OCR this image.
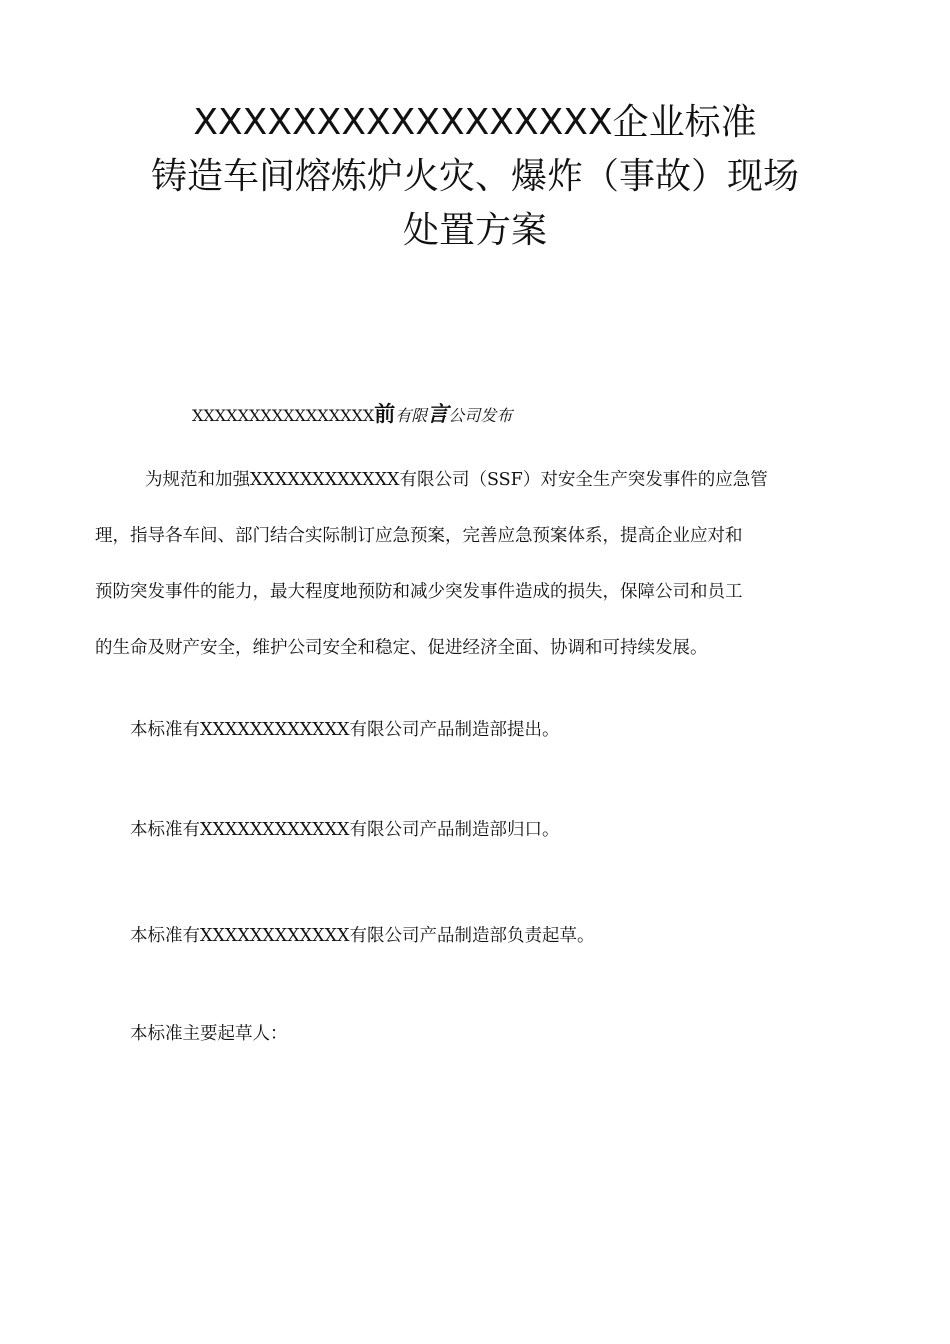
XXXXXXXXXXXXXXXXX企业标准
铸造车间熔炼炉火灾、爆炸（事故）现场
处置方案
XXXXXXXXXXXXXXXX前有限言公司发布
为规范和加强XXXXXXXXXXXX有限公司（SSF）对安全生产突发事件的应急管
理，指导各车间、部门结合实际制订应急预案，完善应急预案体系，提高企业应对和
预防突发事件的能力，最大程度地预防和减少突发事件造成的损失，保障公司和员工
的生命及财产安全，维护公司安全和稳定、促进经济全面、协调和可持续发展。
本标准有XXXXXXXXXXXX有限公司产品制造部提出。
本标准有XXXXXXXXXXXX有限公司产品制造部归口。
本标准有XXXXXXXXXXXX有限公司产品制造部负责起草。
本标准主要起草人：
